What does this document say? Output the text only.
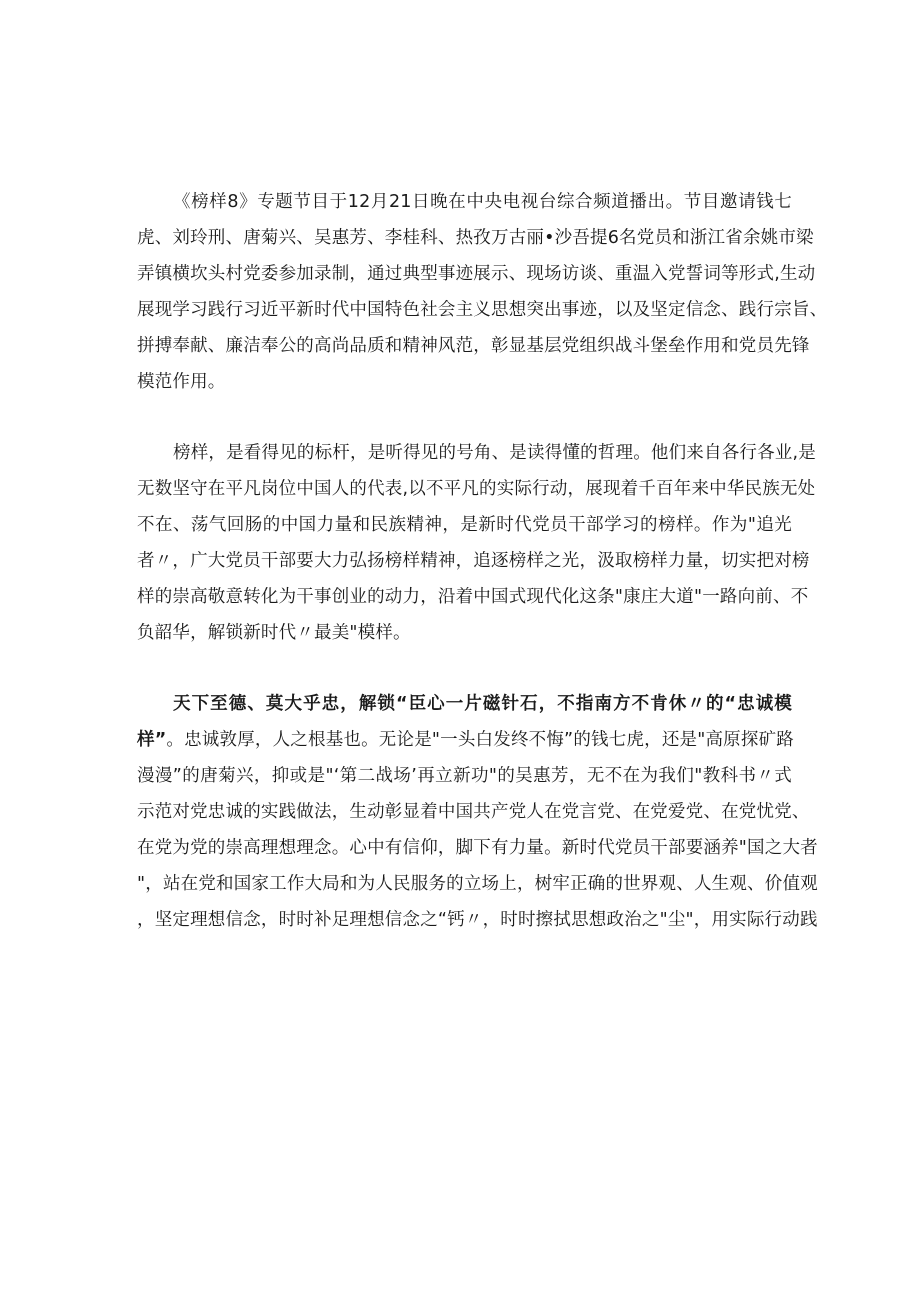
《榜样8》专题节目于12月21日晚在中央电视台综合频道播出。节目邀请钱七
虎、刘玲刑、唐菊兴、吴惠芳、李桂科、热孜万古丽•沙吾提6名党员和浙江省余姚市梁
弄镇横坎头村党委参加录制，通过典型事迹展示、现场访谈、重温入党誓词等形式,生动
展现学习践行习近平新时代中国特色社会主义思想突出事迹，以及坚定信念、践行宗旨、
拼搏奉献、廉洁奉公的高尚品质和精神风范，彰显基层党组织战斗堡垒作用和党员先锋
模范作用。
榜样，是看得见的标杆，是听得见的号角、是读得懂的哲理。他们来自各行各业,是
无数坚守在平凡岗位中国人的代表,以不平凡的实际行动，展现着千百年来中华民族无处
不在、荡气回肠的中国力量和民族精神，是新时代党员干部学习的榜样。作为"追光
者〃，广大党员干部要大力弘扬榜样精神，追逐榜样之光，汲取榜样力量，切实把对榜
样的崇高敬意转化为干事创业的动力，沿着中国式现代化这条"康庄大道"一路向前、不
负韶华，解锁新时代〃最美"模样。
天下至德、莫大乎忠，解锁“臣心一片磁针石，不指南方不肯休〃的“忠诚模
样”。忠诚敦厚，人之根基也。无论是"一头白发终不悔”的钱七虎，还是"高原探矿路
漫漫”的唐菊兴，抑或是"‘第二战场’再立新功"的吴惠芳，无不在为我们"教科书〃式
示范对党忠诚的实践做法，生动彰显着中国共产党人在党言党、在党爱党、在党忧党、
在党为党的崇高理想理念。心中有信仰，脚下有力量。新时代党员干部要涵养"国之大者
"，站在党和国家工作大局和为人民服务的立场上，树牢正确的世界观、人生观、价值观
，坚定理想信念，时时补足理想信念之“钙〃，时时擦拭思想政治之"尘"，用实际行动践
